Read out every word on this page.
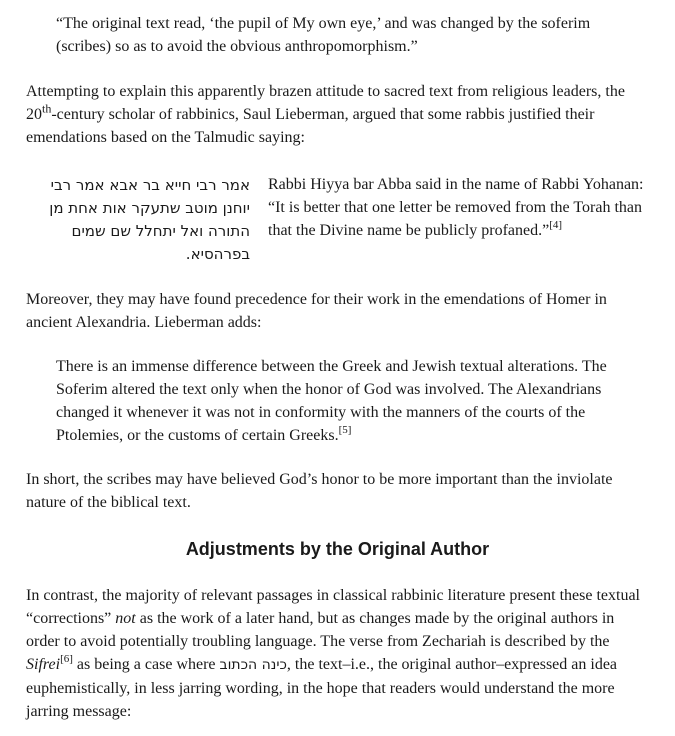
“The original text read, ‘the pupil of My own eye,’ and was changed by the soferim (scribes) so as to avoid the obvious anthropomorphism.”

Attempting to explain this apparently brazen attitude to sacred text from religious leaders, the 20th-century scholar of rabbinics, Saul Lieberman, argued that some rabbis justified their emendations based on the Talmudic saying:

אמר רבי חייא בר אבא אמר רבי יוחנן מוטב שתעקר אות אחת מן התורה ואל יתחלל שם שמים בפרהסיא.

Rabbi Hiyya bar Abba said in the name of Rabbi Yohanan: “It is better that one letter be removed from the Torah than that the Divine name be publicly profaned.”[4]

Moreover, they may have found precedence for their work in the emendations of Homer in ancient Alexandria. Lieberman adds:

There is an immense difference between the Greek and Jewish textual alterations. The Soferim altered the text only when the honor of God was involved. The Alexandrians changed it whenever it was not in conformity with the manners of the courts of the Ptolemies, or the customs of certain Greeks.[5]

In short, the scribes may have believed God’s honor to be more important than the inviolate nature of the biblical text.

Adjustments by the Original Author

In contrast, the majority of relevant passages in classical rabbinic literature present these textual “corrections” not as the work of a later hand, but as changes made by the original authors in order to avoid potentially troubling language. The verse from Zechariah is described by the Sifrei[6] as being a case where כינה הכתוב, the text–i.e., the original author–expressed an idea euphemistically, in less jarring wording, in the hope that readers would understand the more jarring message:
